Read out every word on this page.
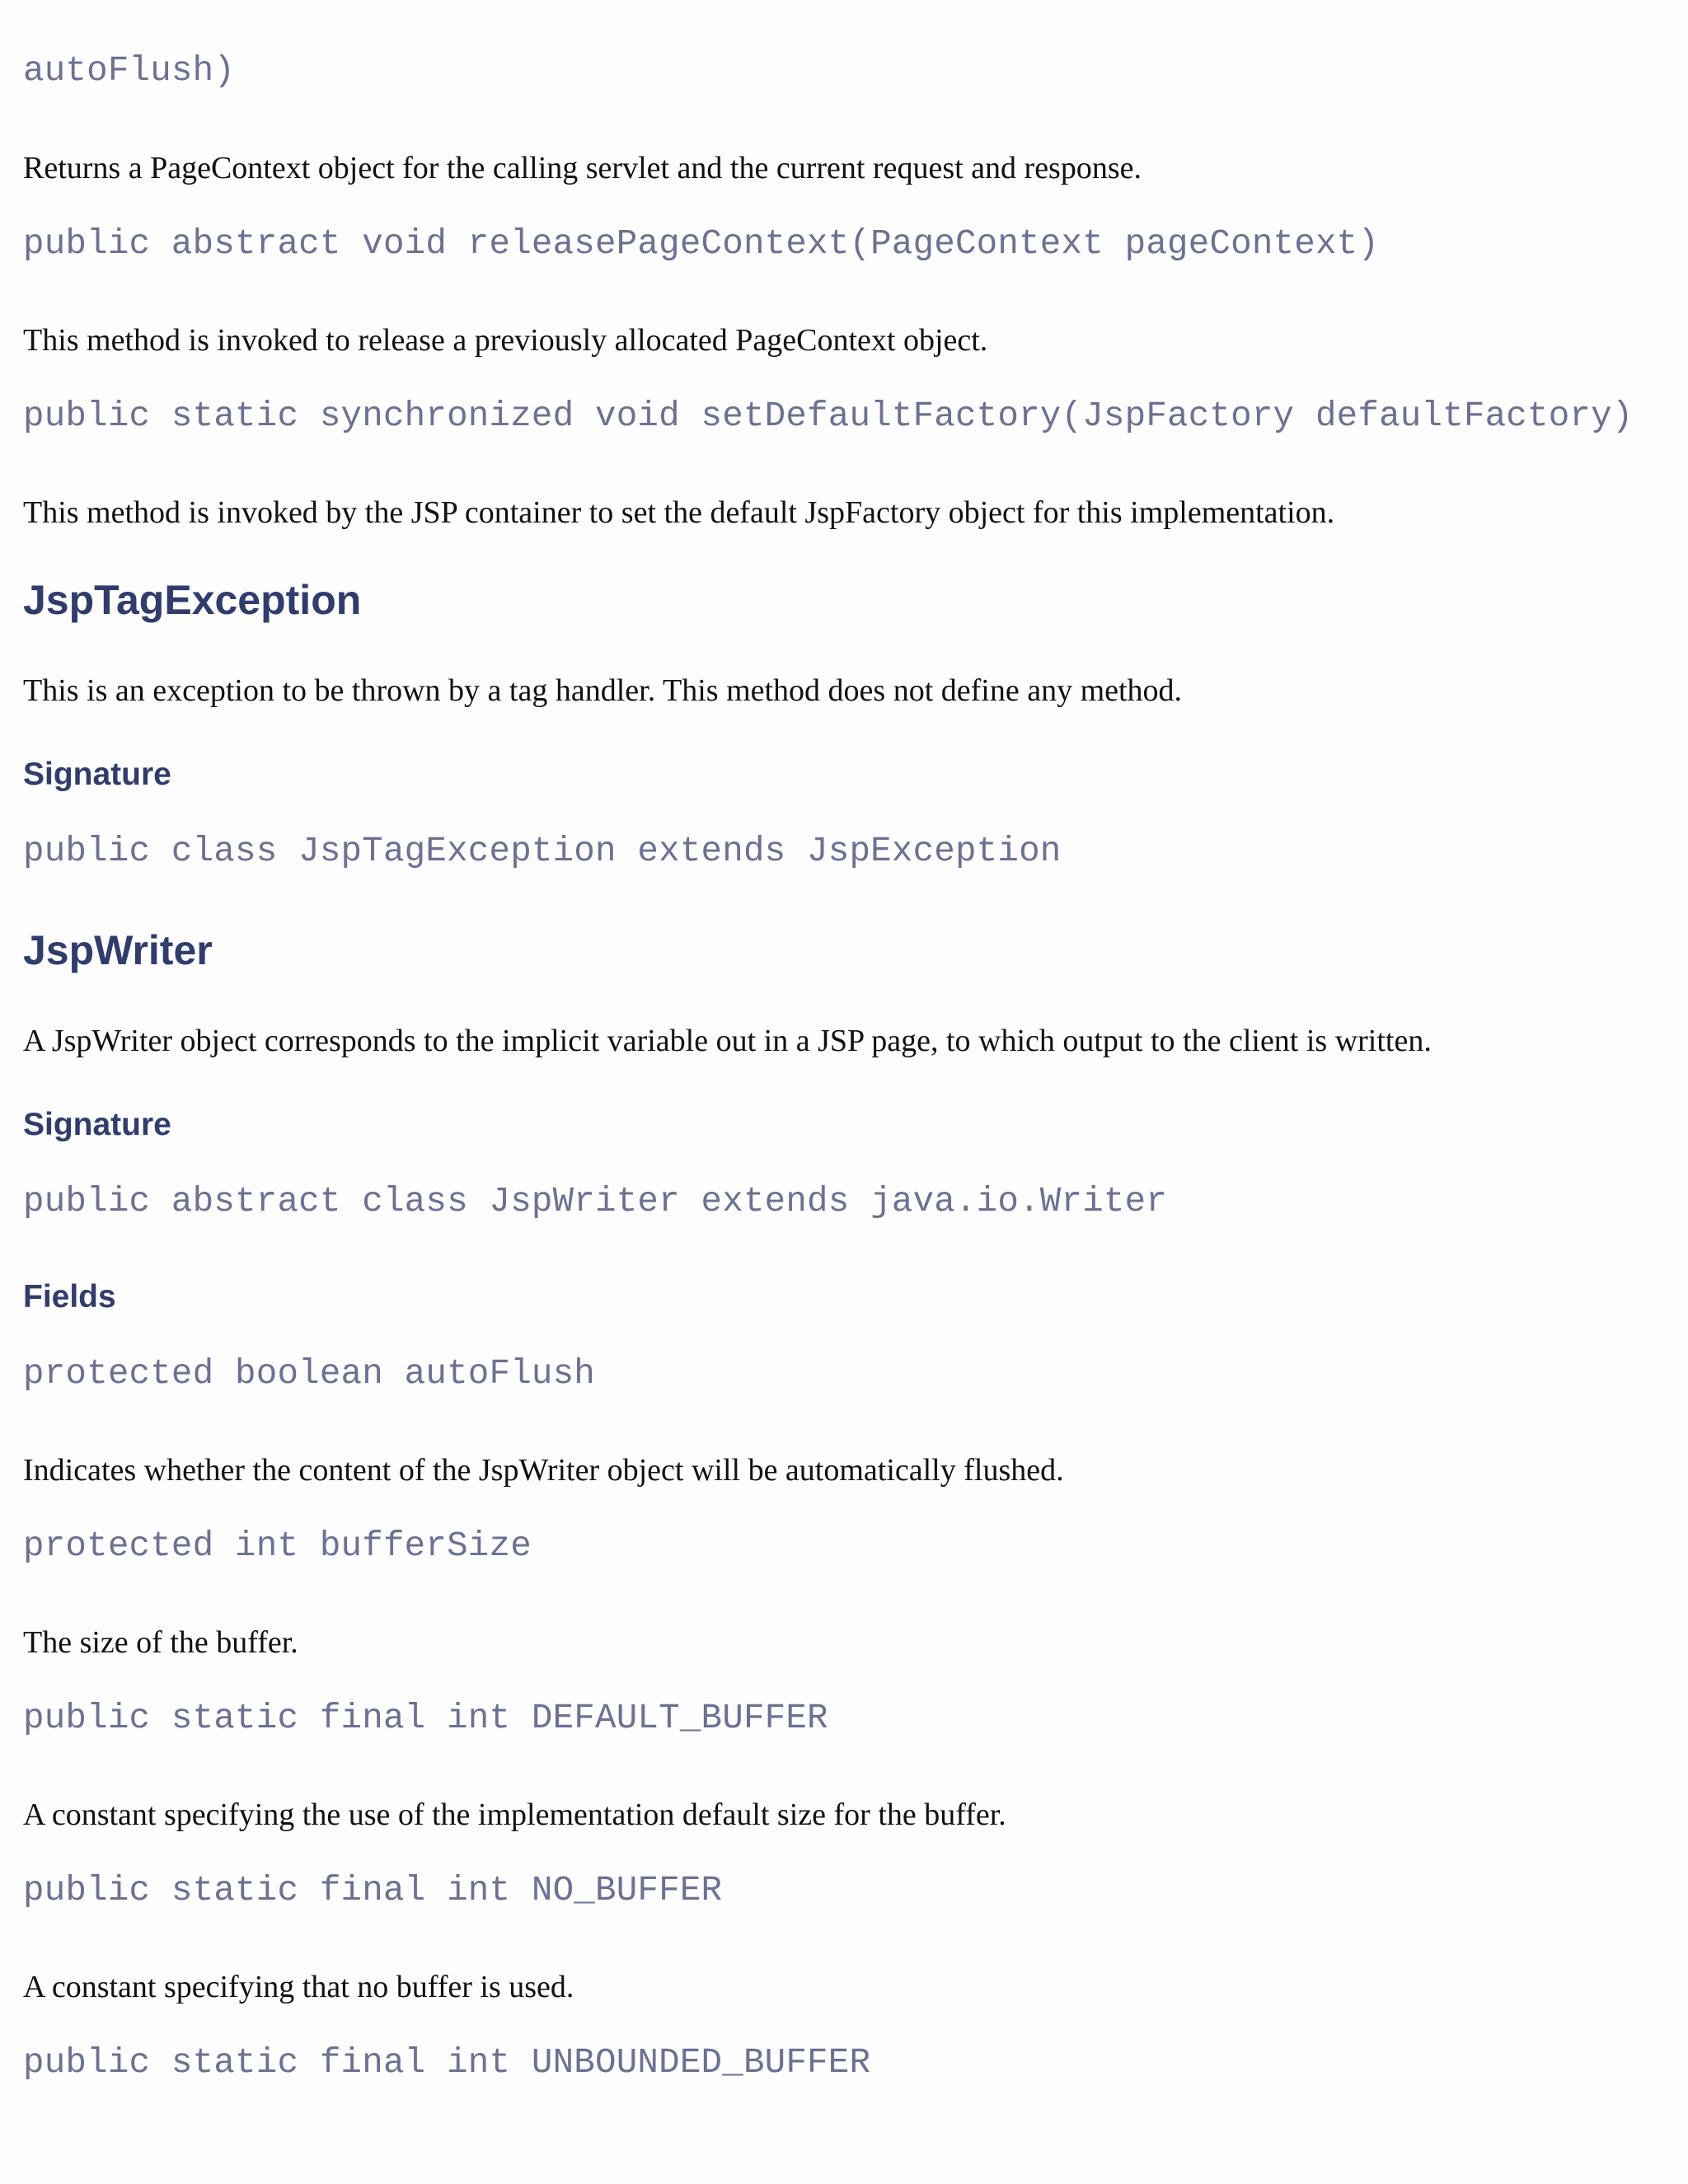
autoFlush)

Returns a PageContext object for the calling servlet and the current request and response.

public abstract void releasePageContext(PageContext pageContext)

This method is invoked to release a previously allocated PageContext object.

public static synchronized void setDefaultFactory(JspFactory defaultFactory)

This method is invoked by the JSP container to set the default JspFactory object for this implementation.

JspTagException

This is an exception to be thrown by a tag handler. This method does not define any method.

Signature
public class JspTagException extends JspException
JspWriter

A JspWriter object corresponds to the implicit variable out in a JSP page, to which output to the client is written.

Signature
public abstract class JspWriter extends java.io.Writer
Fields
protected boolean autoFlush

Indicates whether the content of the JspWriter object will be automatically flushed.

protected int bufferSize

The size of the buffer.

public static final int DEFAULT_BUFFER

A constant specifying the use of the implementation default size for the buffer.

public static final int NO_BUFFER

A constant specifying that no buffer is used.

public static final int UNBOUNDED_BUFFER
